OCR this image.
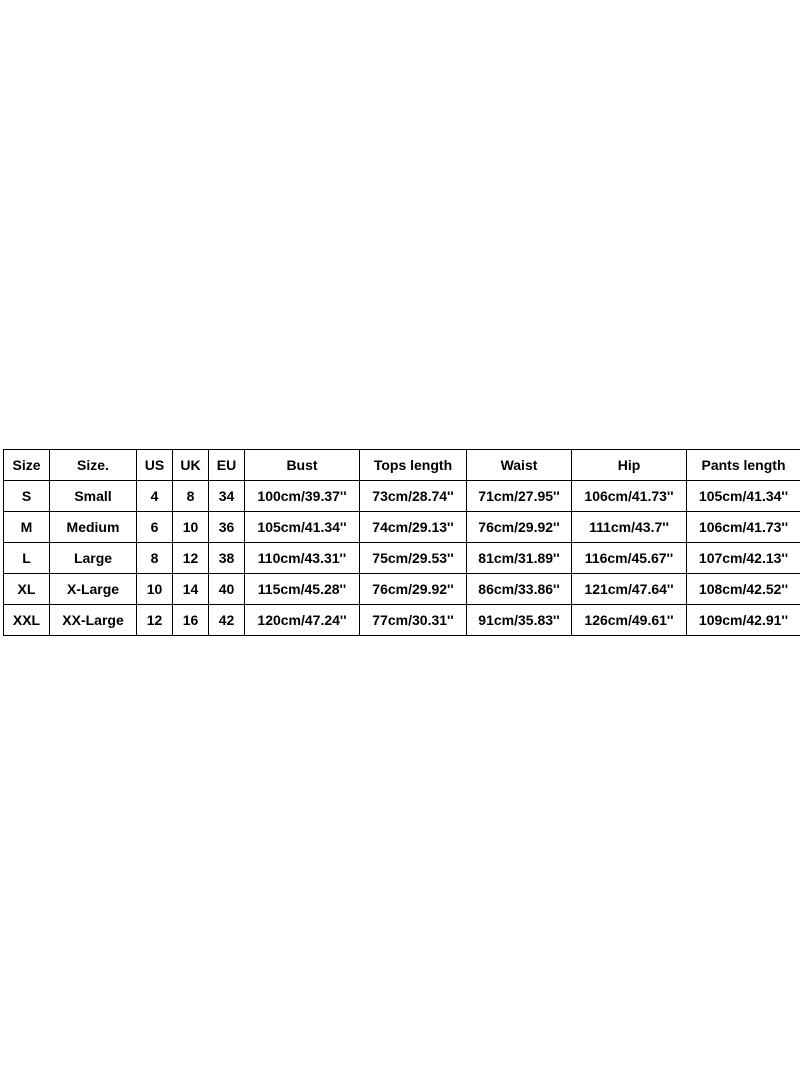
Size	Size.	US	UK	EU	Bust	Tops length	Waist	Hip	Pants length
S	Small	4	8	34	100cm/39.37''	73cm/28.74''	71cm/27.95''	106cm/41.73''	105cm/41.34''
M	Medium	6	10	36	105cm/41.34''	74cm/29.13''	76cm/29.92''	111cm/43.7''	106cm/41.73''
L	Large	8	12	38	110cm/43.31''	75cm/29.53''	81cm/31.89''	116cm/45.67''	107cm/42.13''
XL	X-Large	10	14	40	115cm/45.28''	76cm/29.92''	86cm/33.86''	121cm/47.64''	108cm/42.52''
XXL	XX-Large	12	16	42	120cm/47.24''	77cm/30.31''	91cm/35.83''	126cm/49.61''	109cm/42.91''
